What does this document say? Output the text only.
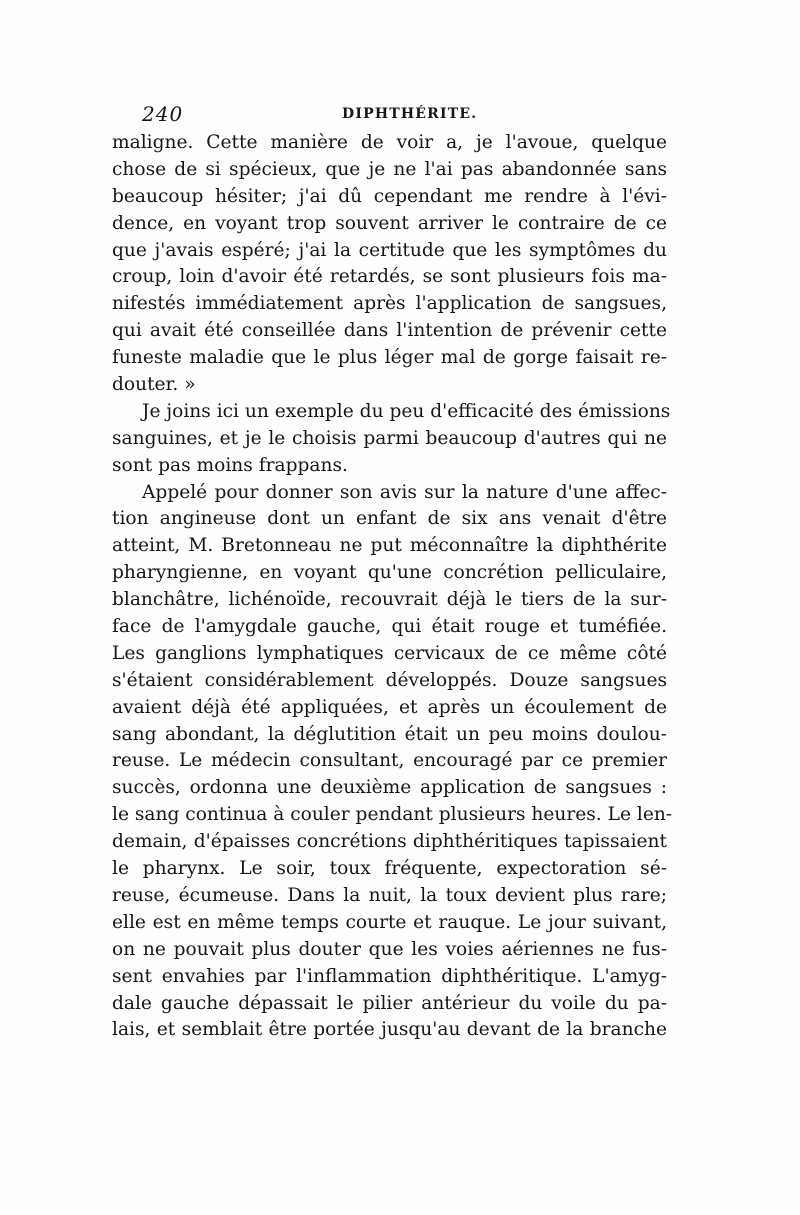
240	DIPHTHÉRITE.
maligne. Cette manière de voir a, je l'avoue, quelque
chose de si spécieux, que je ne l'ai pas abandonnée sans
beaucoup hésiter; j'ai dû cependant me rendre à l'évi-
dence, en voyant trop souvent arriver le contraire de ce
que j'avais espéré; j'ai la certitude que les symptômes du
croup, loin d'avoir été retardés, se sont plusieurs fois ma-
nifestés immédiatement après l'application de sangsues,
qui avait été conseillée dans l'intention de prévenir cette
funeste maladie que le plus léger mal de gorge faisait re-
douter. »
Je joins ici un exemple du peu d'efficacité des émissions
sanguines, et je le choisis parmi beaucoup d'autres qui ne
sont pas moins frappans.
Appelé pour donner son avis sur la nature d'une affec-
tion angineuse dont un enfant de six ans venait d'être
atteint, M. Bretonneau ne put méconnaître la diphthérite
pharyngienne, en voyant qu'une concrétion pelliculaire,
blanchâtre, lichénoïde, recouvrait déjà le tiers de la sur-
face de l'amygdale gauche, qui était rouge et tuméfiée.
Les ganglions lymphatiques cervicaux de ce même côté
s'étaient considérablement développés. Douze sangsues
avaient déjà été appliquées, et après un écoulement de
sang abondant, la déglutition était un peu moins doulou-
reuse. Le médecin consultant, encouragé par ce premier
succès, ordonna une deuxième application de sangsues :
le sang continua à couler pendant plusieurs heures. Le len-
demain, d'épaisses concrétions diphthéritiques tapissaient
le pharynx. Le soir, toux fréquente, expectoration sé-
reuse, écumeuse. Dans la nuit, la toux devient plus rare;
elle est en même temps courte et rauque. Le jour suivant,
on ne pouvait plus douter que les voies aériennes ne fus-
sent envahies par l'inflammation diphthéritique. L'amyg-
dale gauche dépassait le pilier antérieur du voile du pa-
lais, et semblait être portée jusqu'au devant de la branche
